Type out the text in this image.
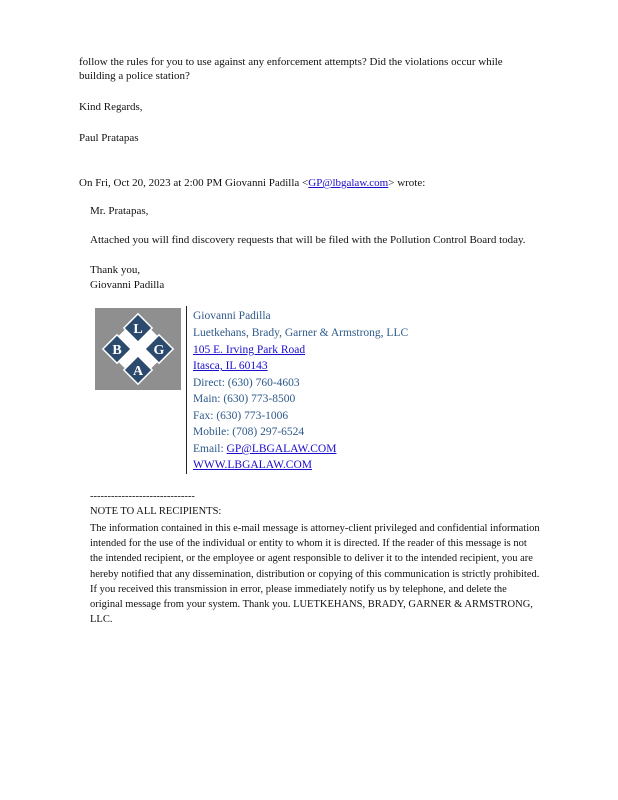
follow the rules for you to use against any enforcement attempts? Did the violations occur while

building a police station?

Kind Regards,

Paul Pratapas

On Fri, Oct 20, 2023 at 2:00 PM Giovanni Padilla <GP@lbgalaw.com> wrote:

Mr. Pratapas,

Attached you will find discovery requests that will be filed with the Pollution Control Board today.

Thank you,

Giovanni Padilla

L
B G
A

Giovanni Padilla

Luetkehans, Brady, Garner & Armstrong, LLC

105 E. Irving Park Road

Itasca, IL 60143

Direct: (630) 760-4603

Main: (630) 773-8500

Fax: (630) 773-1006

Mobile: (708) 297-6524

Email: GP@LBGALAW.COM

WWW.LBGALAW.COM

------------------------------

NOTE TO ALL RECIPIENTS:

The information contained in this e-mail message is attorney-client privileged and confidential information intended for the use of the individual or entity to whom it is directed. If the reader of this message is not the intended recipient, or the employee or agent responsible to deliver it to the intended recipient, you are hereby notified that any dissemination, distribution or copying of this communication is strictly prohibited. If you received this transmission in error, please immediately notify us by telephone, and delete the original message from your system. Thank you. LUETKEHANS, BRADY, GARNER & ARMSTRONG, LLC.
